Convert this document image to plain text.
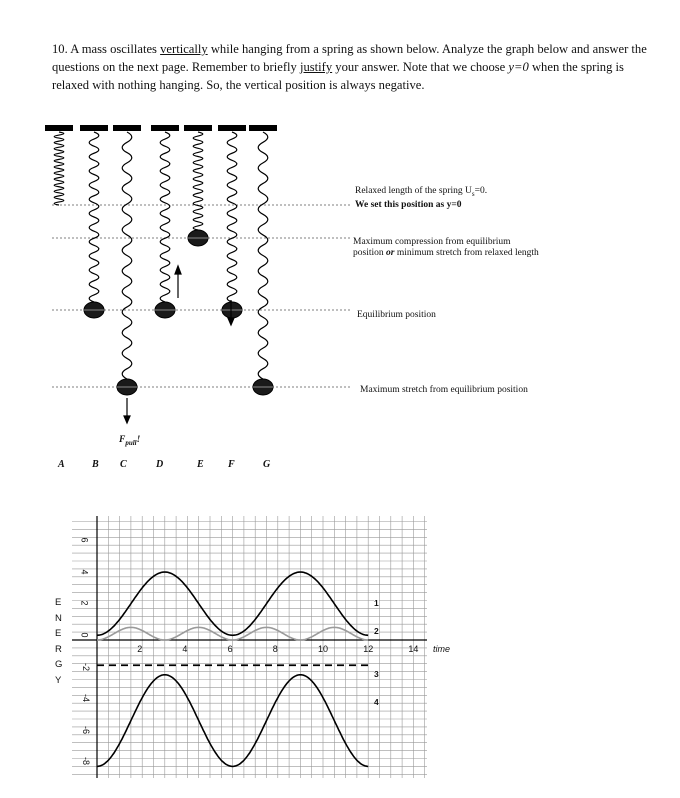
10. A mass oscillates vertically while hanging from a spring as shown below. Analyze the graph below and answer the questions on the next page. Remember to briefly justify your answer. Note that we choose y=0 when the spring is relaxed with nothing hanging. So, the vertical position is always negative.
Relaxed length of the spring $U_s=0$.
We set this position as y=0
Maximum compression from equilibrium
position or minimum stretch from relaxed length
Equilibrium position
Maximum stretch from equilibrium position
$F_{pull}$!
A	B C	D	E F	G
2	4	6	8	10	12	14
6
4
2
0
-2
-4
-6
-8
time
E
N
E
R
G
Y
1
2
3
4
